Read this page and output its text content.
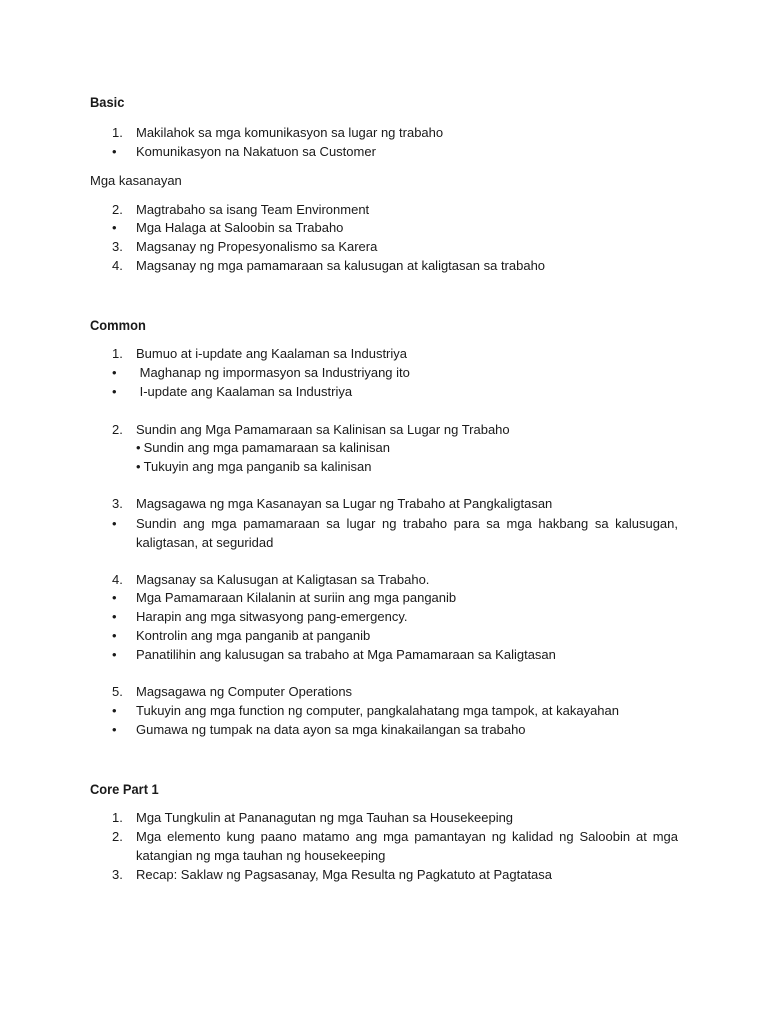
Basic
1.	Makilahok sa mga komunikasyon sa lugar ng trabaho
•	Komunikasyon na Nakatuon sa Customer

Mga kasanayan

2.	Magtrabaho sa isang Team Environment
•	Mga Halaga at Saloobin sa Trabaho
3.	Magsanay ng Propesyonalismo sa Karera
4.	Magsanay ng mga pamamaraan sa kalusugan at kaligtasan sa trabaho
Common
1.	Bumuo at i-update ang Kaalaman sa Industriya
•	Maghanap ng impormasyon sa Industriyang ito
•	I-update ang Kaalaman sa Industriya
2.	Sundin ang Mga Pamamaraan sa Kalinisan sa Lugar ng Trabaho
• Sundin ang mga pamamaraan sa kalinisan
• Tukuyin ang mga panganib sa kalinisan
3.	Magsagawa ng mga Kasanayan sa Lugar ng Trabaho at Pangkaligtasan
•	Sundin ang mga pamamaraan sa lugar ng trabaho para sa mga hakbang sa kalusugan, kaligtasan, at seguridad
4.	Magsanay sa Kalusugan at Kaligtasan sa Trabaho.
•	Mga Pamamaraan Kilalanin at suriin ang mga panganib
•	Harapin ang mga sitwasyong pang-emergency.
•	Kontrolin ang mga panganib at panganib
•	Panatilihin ang kalusugan sa trabaho at Mga Pamamaraan sa Kaligtasan
5.	Magsagawa ng Computer Operations
•	Tukuyin ang mga function ng computer, pangkalahatang mga tampok, at kakayahan
•	Gumawa ng tumpak na data ayon sa mga kinakailangan sa trabaho
Core Part 1
1.	Mga Tungkulin at Pananagutan ng mga Tauhan sa Housekeeping
2.	Mga elemento kung paano matamo ang mga pamantayan ng kalidad ng Saloobin at mga katangian ng mga tauhan ng housekeeping
3.	Recap: Saklaw ng Pagsasanay, Mga Resulta ng Pagkatuto at Pagtatasa
